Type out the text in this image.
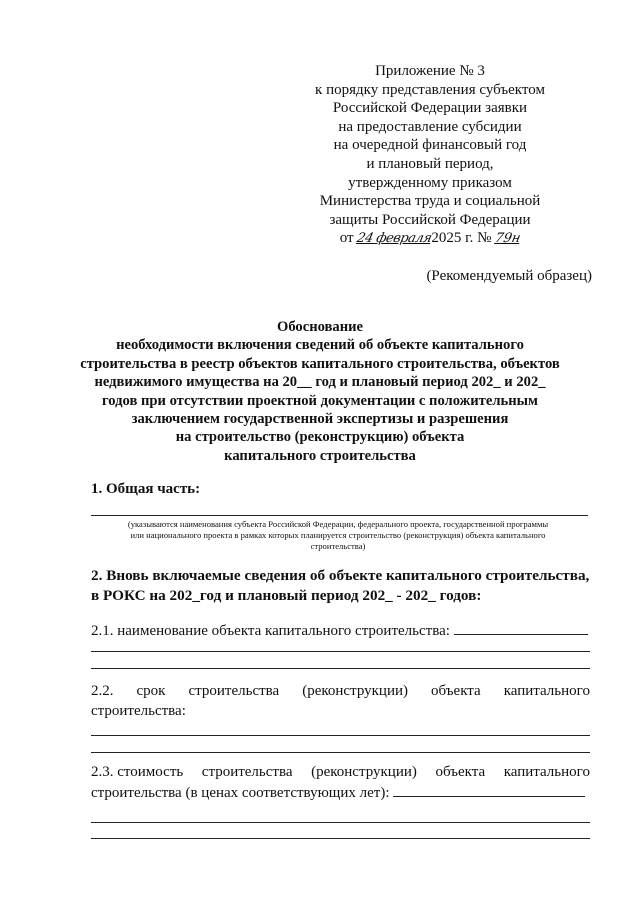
Приложение № 3
к порядку представления субъектом
Российской Федерации заявки
на предоставление субсидии
на очередной финансовый год
и плановый период,
утвержденному приказом
Министерства труда и социальной
защиты Российской Федерации
от 24 февраля2025 г. № 79н
(Рекомендуемый образец)
Обоснование
необходимости включения сведений об объекте капитального
строительства в реестр объектов капитального строительства, объектов
недвижимого имущества на 20__ год и плановый период 202_ и 202_
годов при отсутствии проектной документации с положительным
заключением государственной экспертизы и разрешения
на строительство (реконструкцию) объекта
капитального строительства
1. Общая часть:
(указываются наименования субъекта Российской Федерации, федерального проекта, государственной программы
или национального проекта в рамках которых планируется строительство (реконструкция) объекта капитального
строительства)
2. Вновь включаемые сведения об объекте капитального строительства,
в РОКС на 202_год и плановый период 202_ - 202_ годов:
2.1. наименование объекта капитального строительства:
2.2. срок строительства (реконструкции) объекта капитального
строительства:
2.3. стоимость строительства (реконструкции) объекта капитального
строительства (в ценах соответствующих лет):
